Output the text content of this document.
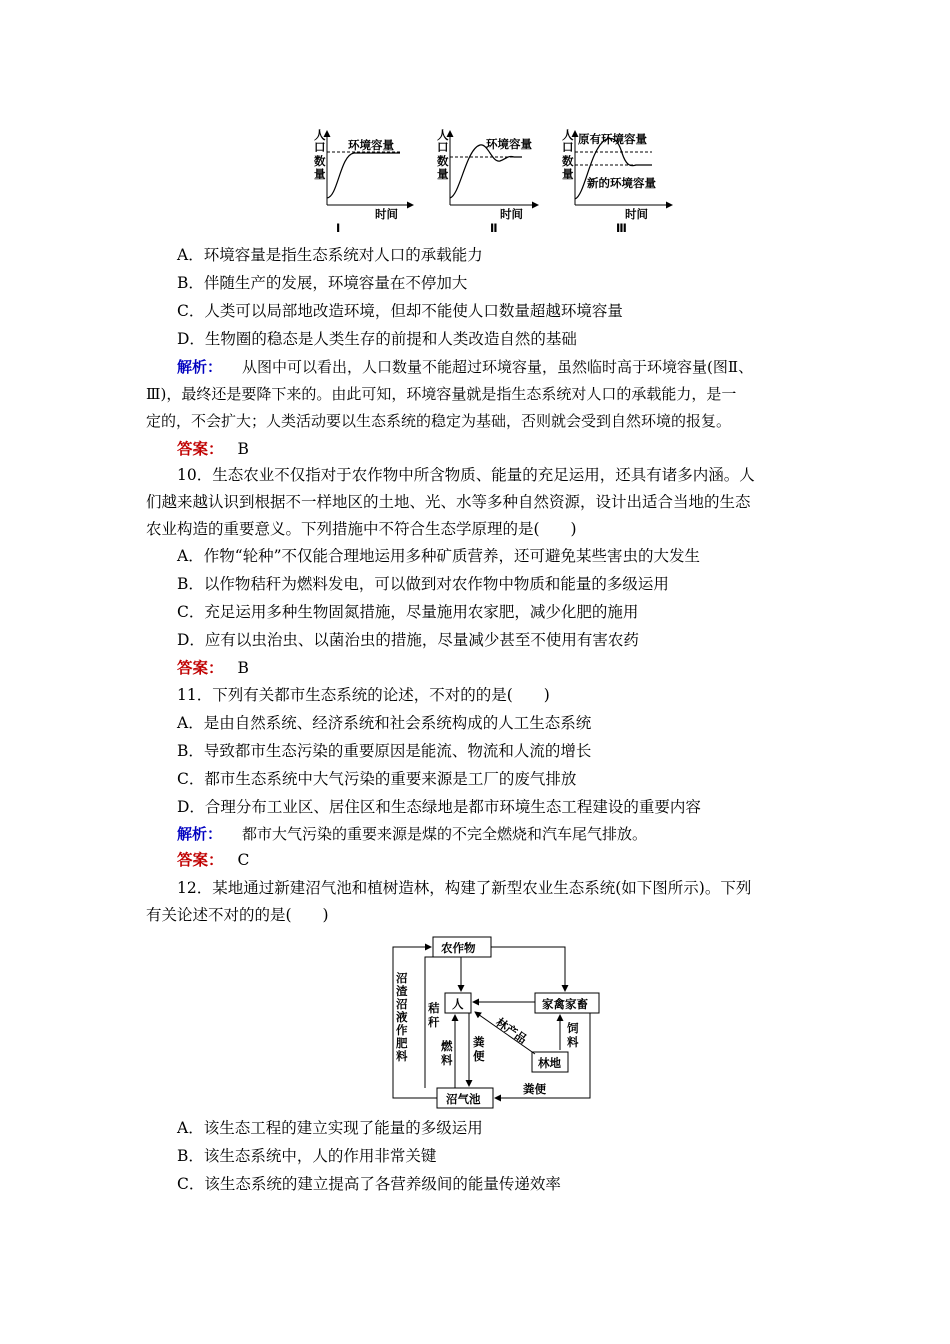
人
口
数
量
环境容量
时间
Ⅰ
人
口
数
量
环境容量
时间
Ⅱ
人
口
数
量
原有环境容量
新的环境容量
时间
Ⅲ
A．环境容量是指生态系统对人口的承载能力
B．伴随生产的发展，环境容量在不停加大
C．人类可以局部地改造环境，但却不能使人口数量超越环境容量
D．生物圈的稳态是人类生存的前提和人类改造自然的基础
解析： 从图中可以看出，人口数量不能超过环境容量，虽然临时高于环境容量(图Ⅱ、
Ⅲ)，最终还是要降下来的。由此可知，环境容量就是指生态系统对人口的承载能力，是一
定的，不会扩大；人类活动要以生态系统的稳定为基础，否则就会受到自然环境的报复。
答案： B
10．生态农业不仅指对于农作物中所含物质、能量的充足运用，还具有诸多内涵。人
们越来越认识到根据不一样地区的土地、光、水等多种自然资源，设计出适合当地的生态
农业构造的重要意义。下列措施中不符合生态学原理的是(　　)
A．作物“轮种”不仅能合理地运用多种矿质营养，还可避免某些害虫的大发生
B．以作物秸秆为燃料发电，可以做到对农作物中物质和能量的多级运用
C．充足运用多种生物固氮措施，尽量施用农家肥，减少化肥的施用
D．应有以虫治虫、以菌治虫的措施，尽量减少甚至不使用有害农药
答案： B
11．下列有关都市生态系统的论述，不对的的是(　　)
A．是由自然系统、经济系统和社会系统构成的人工生态系统
B．导致都市生态污染的重要原因是能流、物流和人流的增长
C．都市生态系统中大气污染的重要来源是工厂的废气排放
D．合理分布工业区、居住区和生态绿地是都市环境生态工程建设的重要内容
解析： 都市大气污染的重要来源是煤的不完全燃烧和汽车尾气排放。
答案： C
12．某地通过新建沼气池和植树造林，构建了新型农业生态系统(如下图所示)。下列
有关论述不对的的是(　　)
农作物
人	家禽家畜
林地
沼气池
沼
渣
沼
液
作
肥
料
秸
秆
燃
料
粪
便
林产品	饲
料
粪便
A．该生态工程的建立实现了能量的多级运用
B．该生态系统中，人的作用非常关键
C．该生态系统的建立提高了各营养级间的能量传递效率
